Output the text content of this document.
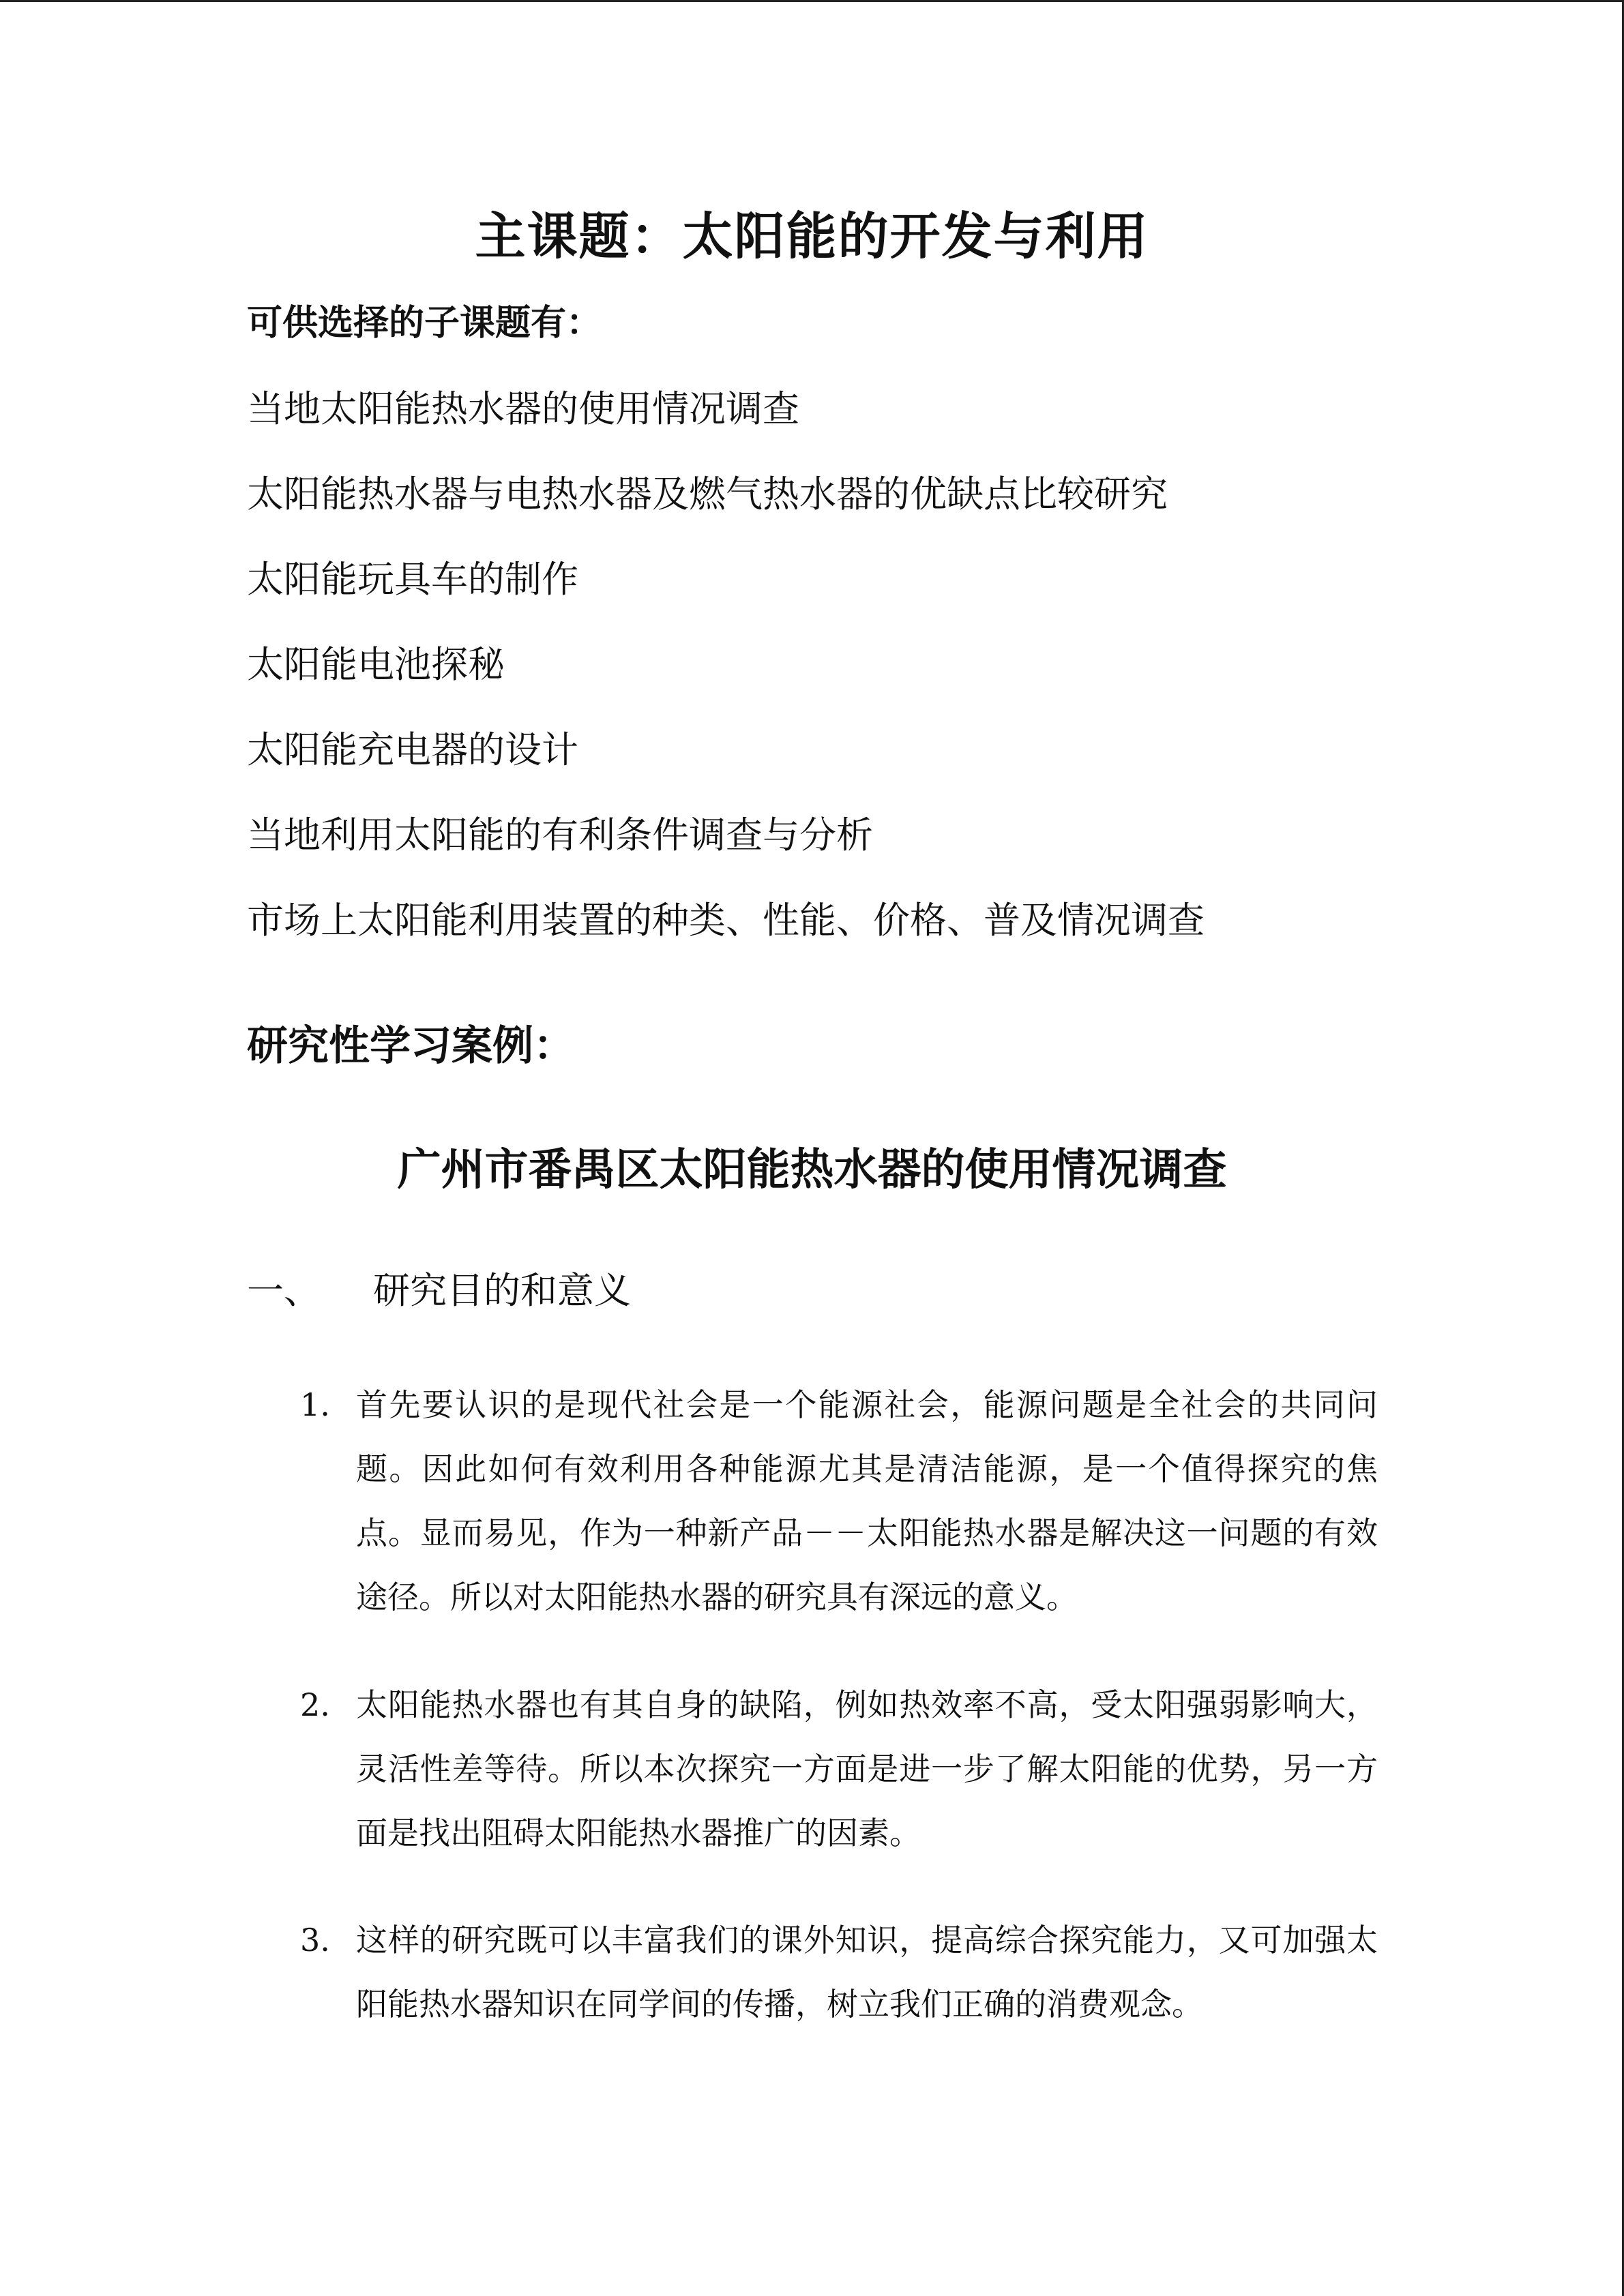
主课题：太阳能的开发与利用
可供选择的子课题有：
当地太阳能热水器的使用情况调查
太阳能热水器与电热水器及燃气热水器的优缺点比较研究
太阳能玩具车的制作
太阳能电池探秘
太阳能充电器的设计
当地利用太阳能的有利条件调查与分析
市场上太阳能利用装置的种类、性能、价格、普及情况调查
研究性学习案例：
广州市番禺区太阳能热水器的使用情况调查
一、 研究目的和意义
1. 首先要认识的是现代社会是一个能源社会，能源问题是全社会的共同问题。因此如何有效利用各种能源尤其是清洁能源，是一个值得探究的焦点。显而易见，作为一种新产品－－太阳能热水器是解决这一问题的有效途径。所以对太阳能热水器的研究具有深远的意义。
2. 太阳能热水器也有其自身的缺陷，例如热效率不高，受太阳强弱影响大，灵活性差等待。所以本次探究一方面是进一步了解太阳能的优势，另一方面是找出阻碍太阳能热水器推广的因素。
3. 这样的研究既可以丰富我们的课外知识，提高综合探究能力，又可加强太阳能热水器知识在同学间的传播，树立我们正确的消费观念。
